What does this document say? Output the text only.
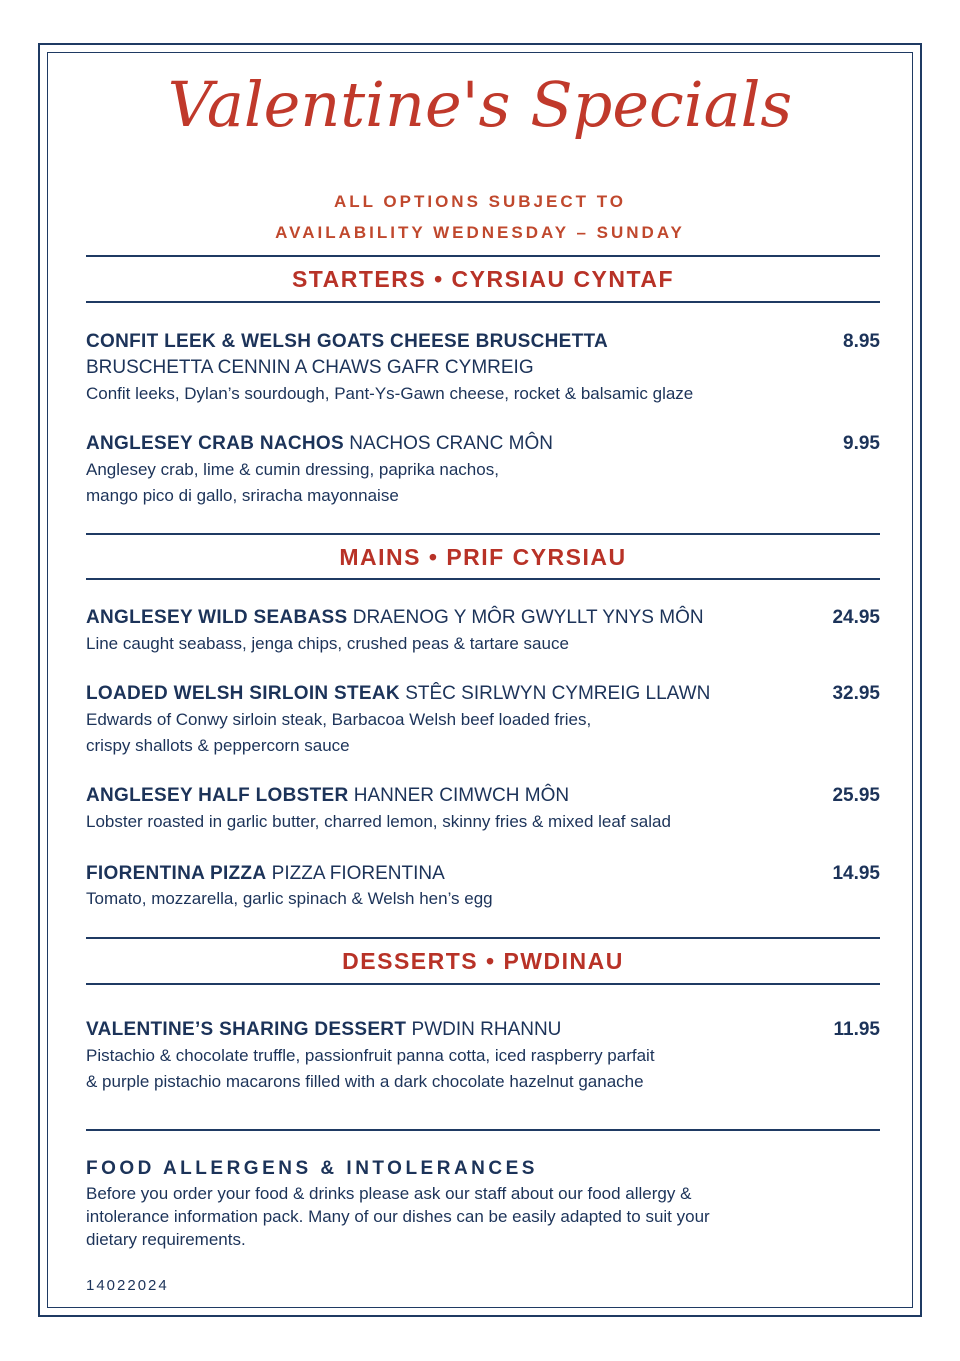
Valentine's Specials
ALL OPTIONS SUBJECT TO
AVAILABILITY WEDNESDAY – SUNDAY
STARTERS • CYRSIAU CYNTAF
CONFIT LEEK & WELSH GOATS CHEESE BRUSCHETTA	8.95
BRUSCHETTA CENNIN A CHAWS GAFR CYMREIG
Confit leeks, Dylan’s sourdough, Pant-Ys-Gawn cheese, rocket & balsamic glaze
ANGLESEY CRAB NACHOS NACHOS CRANC MÔN	9.95
Anglesey crab, lime & cumin dressing, paprika nachos,
mango pico di gallo, sriracha mayonnaise
MAINS • PRIF CYRSIAU
ANGLESEY WILD SEABASS DRAENOG Y MÔR GWYLLT YNYS MÔN	24.95
Line caught seabass, jenga chips, crushed peas & tartare sauce
LOADED WELSH SIRLOIN STEAK STÊC SIRLWYN CYMREIG LLAWN	32.95
Edwards of Conwy sirloin steak, Barbacoa Welsh beef loaded fries,
crispy shallots & peppercorn sauce
ANGLESEY HALF LOBSTER HANNER CIMWCH MÔN	25.95
Lobster roasted in garlic butter, charred lemon, skinny fries & mixed leaf salad
FIORENTINA PIZZA PIZZA FIORENTINA	14.95
Tomato, mozzarella, garlic spinach & Welsh hen’s egg
DESSERTS • PWDINAU
VALENTINE’S SHARING DESSERT PWDIN RHANNU	11.95
Pistachio & chocolate truffle, passionfruit panna cotta, iced raspberry parfait
& purple pistachio macarons filled with a dark chocolate hazelnut ganache
FOOD ALLERGENS & INTOLERANCES
Before you order your food & drinks please ask our staff about our food allergy &
intolerance information pack. Many of our dishes can be easily adapted to suit your
dietary requirements.
14022024
